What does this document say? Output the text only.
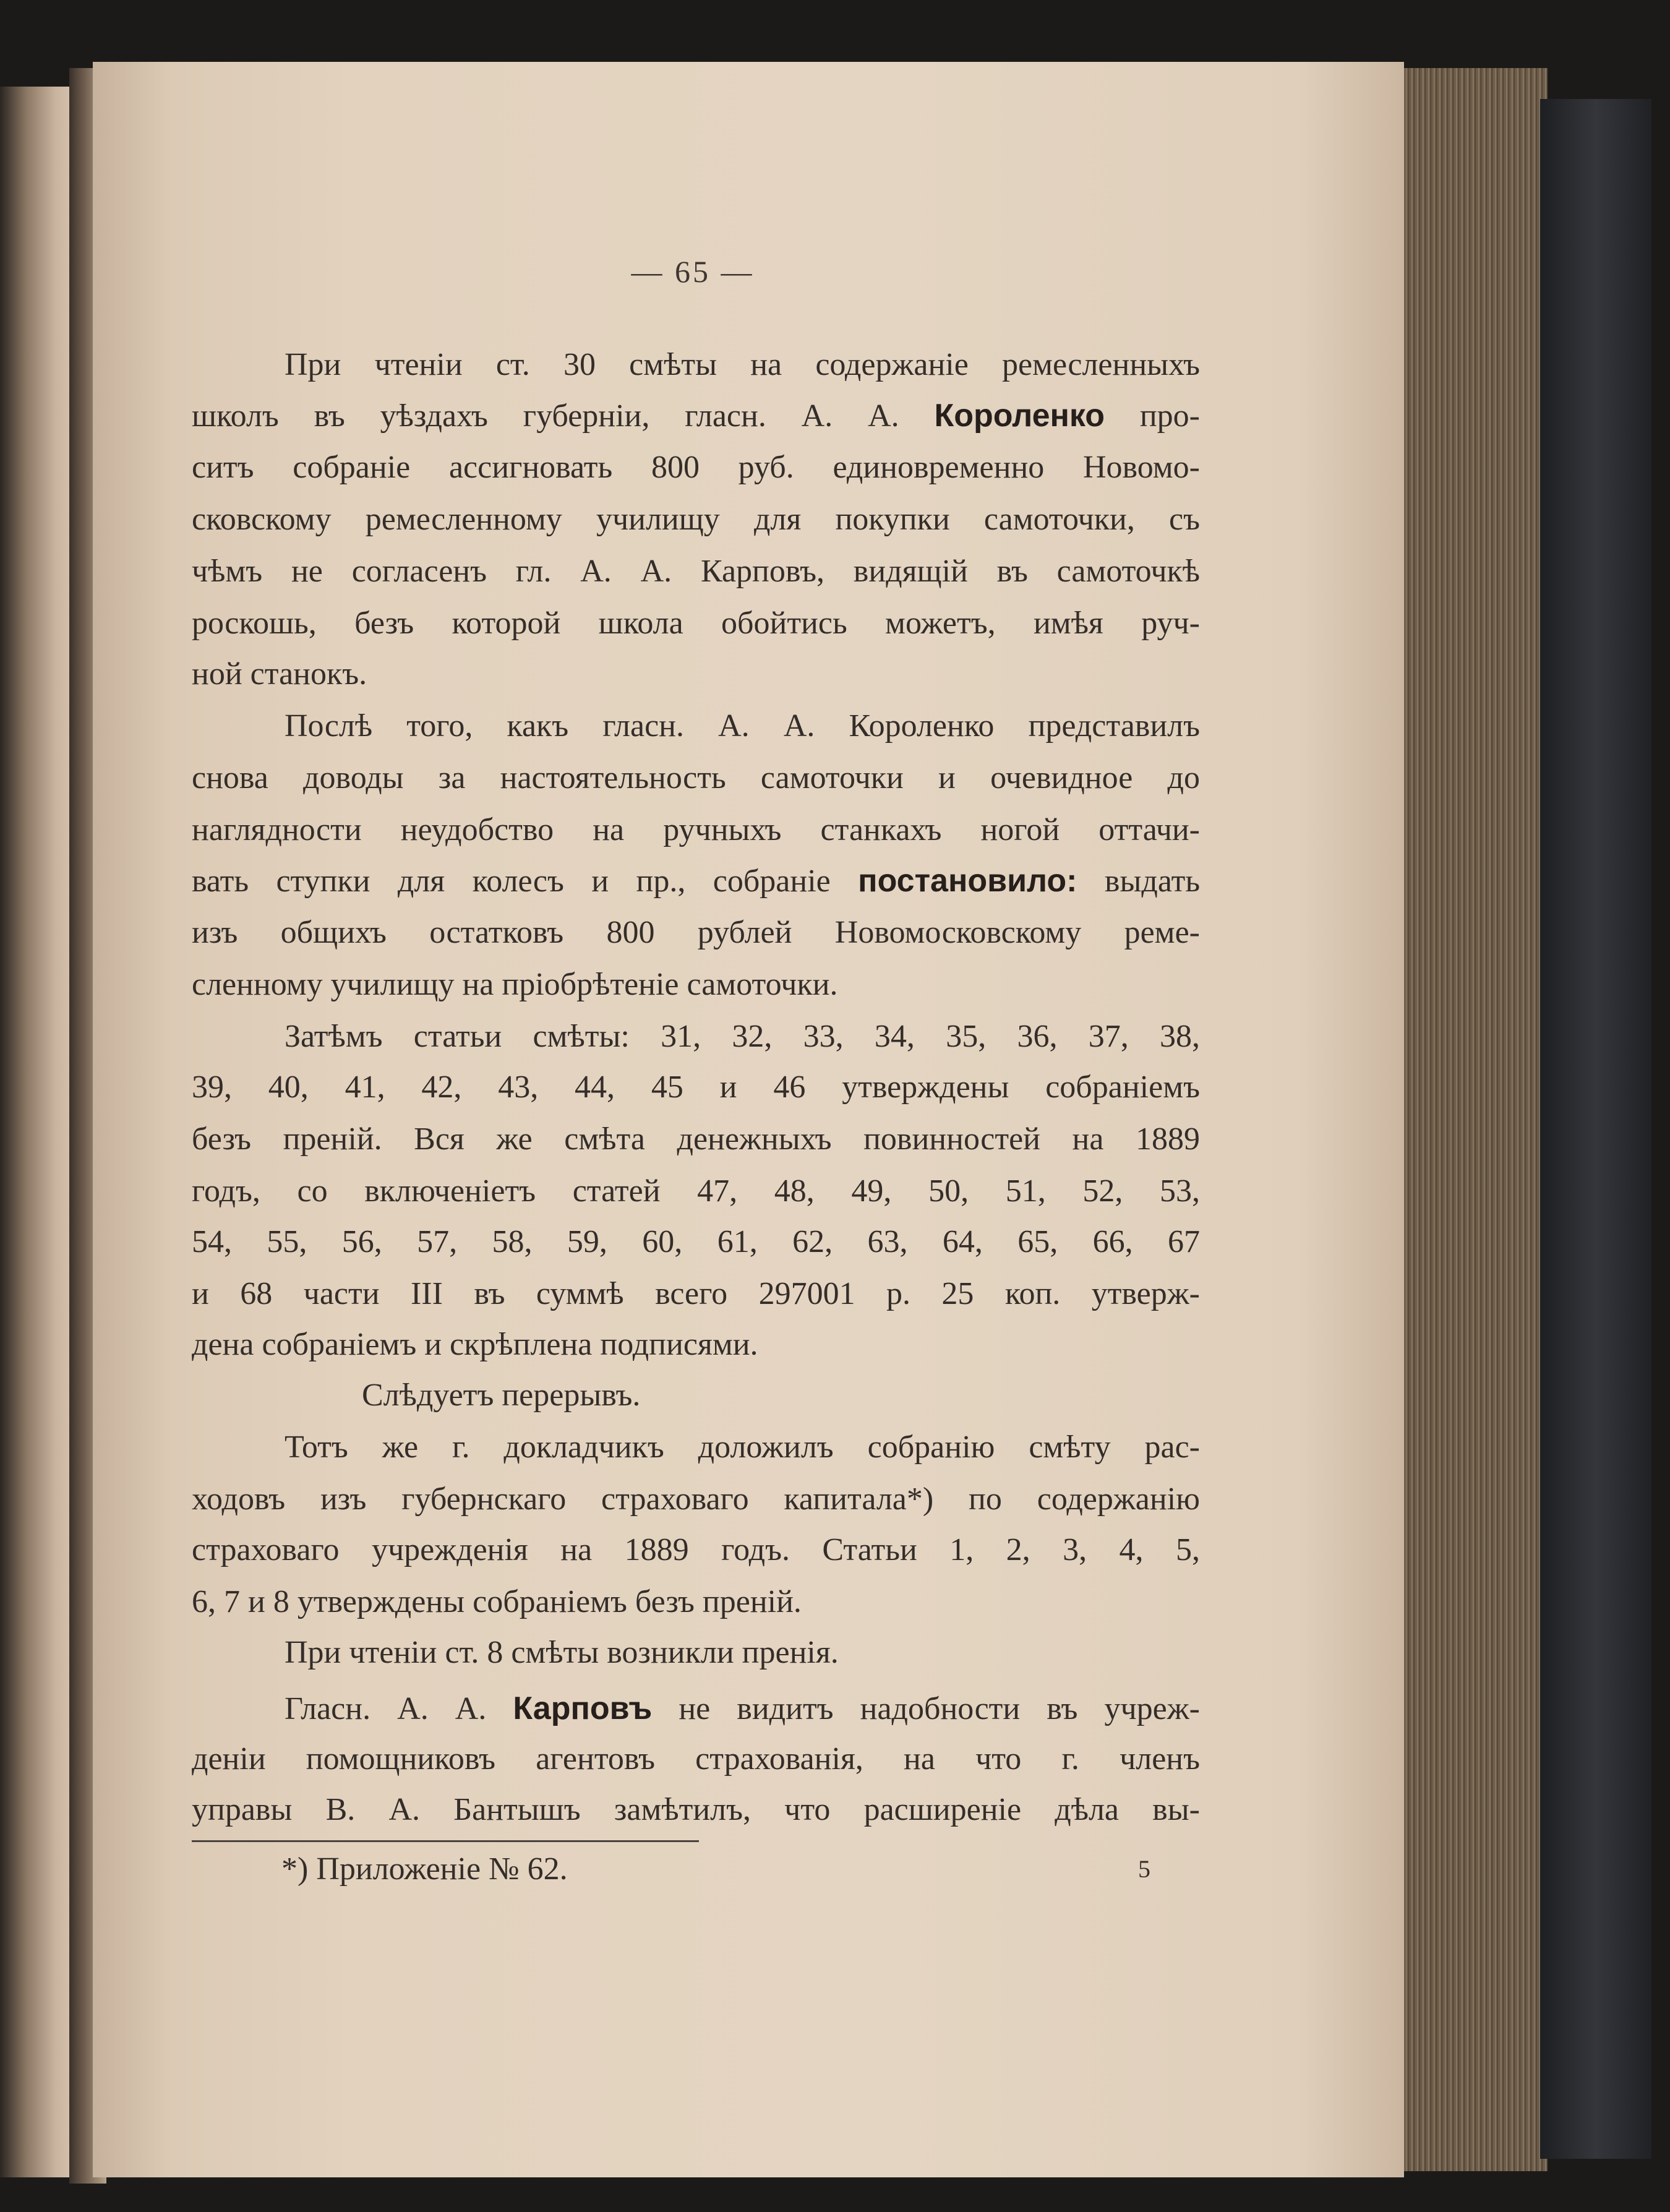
— 65 —
При чтеніи ст. 30 смѣты на содержаніе ремесленныхъ
школъ въ уѣздахъ губерніи, гласн. А. А. Короленко про-
ситъ собраніе ассигновать 800 руб. единовременно Новомо-
сковскому ремесленному училищу для покупки самоточки, съ
чѣмъ не согласенъ гл. А. А. Карповъ, видящій въ самоточкѣ
роскошь, безъ которой школа обойтись можетъ, имѣя руч-
ной станокъ.
Послѣ того, какъ гласн. А. А. Короленко представилъ
снова доводы за настоятельность самоточки и очевидное до
наглядности неудобство на ручныхъ станкахъ ногой оттачи-
вать ступки для колесъ и пр., собраніе постановило: выдать
изъ общихъ остатковъ 800 рублей Новомосковскому реме-
сленному училищу на пріобрѣтеніе самоточки.
Затѣмъ статьи смѣты: 31, 32, 33, 34, 35, 36, 37, 38,
39, 40, 41, 42, 43, 44, 45 и 46 утверждены собраніемъ
безъ преній. Вся же смѣта денежныхъ повинностей на 1889
годъ, со включеніетъ статей 47, 48, 49, 50, 51, 52, 53,
54, 55, 56, 57, 58, 59, 60, 61, 62, 63, 64, 65, 66, 67
и 68 части III въ суммѣ всего 297001 р. 25 коп. утверж-
дена собраніемъ и скрѣплена подписями.
Слѣдуетъ перерывъ.
Тотъ же г. докладчикъ доложилъ собранію смѣту рас-
ходовъ изъ губернскаго страховаго капитала*) по содержанію
страховаго учрежденія на 1889 годъ. Статьи 1, 2, 3, 4, 5,
6, 7 и 8 утверждены собраніемъ безъ преній.
При чтеніи ст. 8 смѣты возникли пренія.
Гласн. А. А. Карповъ не видитъ надобности въ учреж-
деніи помощниковъ агентовъ страхованія, на что г. членъ
управы В. А. Бантышъ замѣтилъ, что расширеніе дѣла вы-
*) Приложеніе № 62.	5
